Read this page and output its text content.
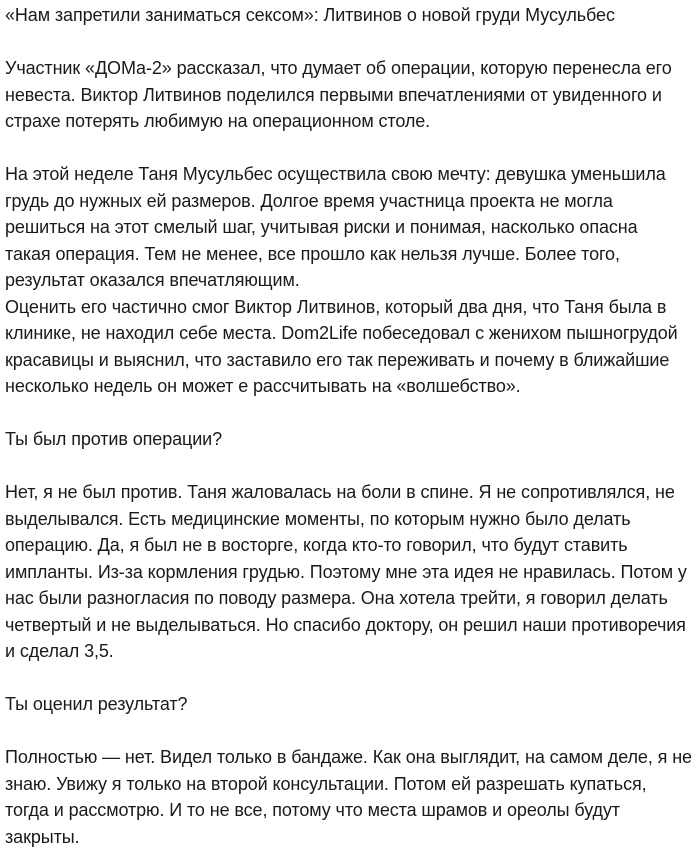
«Нам запретили заниматься сексом»: Литвинов о новой груди Мусульбес

Участник «ДОМа-2» рассказал, что думает об операции, которую перенесла его
невеста. Виктор Литвинов поделился первыми впечатлениями от увиденного и
страхе потерять любимую на операционном столе.

На этой неделе Таня Мусульбес осуществила свою мечту: девушка уменьшила
грудь до нужных ей размеров. Долгое время участница проекта не могла
решиться на этот смелый шаг, учитывая риски и понимая, насколько опасна
такая операция. Тем не менее, все прошло как нельзя лучше. Более того,
результат оказался впечатляющим.
Оценить его частично смог Виктор Литвинов, который два дня, что Таня была в
клинике, не находил себе места. Dom2Life побеседовал с женихом пышногрудой
красавицы и выяснил, что заставило его так переживать и почему в ближайшие
несколько недель он может е рассчитывать на «волшебство».

Ты был против операции?

Нет, я не был против. Таня жаловалась на боли в спине. Я не сопротивлялся, не
выделывался. Есть медицинские моменты, по которым нужно было делать
операцию. Да, я был не в восторге, когда кто-то говорил, что будут ставить
импланты. Из-за кормления грудью. Поэтому мне эта идея не нравилась. Потом у
нас были разногласия по поводу размера. Она хотела трейти, я говорил делать
четвертый и не выделываться. Но спасибо доктору, он решил наши противоречия
и сделал 3,5.

Ты оценил результат?

Полностью — нет. Видел только в бандаже. Как она выглядит, на самом деле, я не
знаю. Увижу я только на второй консультации. Потом ей разрешать купаться,
тогда и рассмотрю. И то не все, потому что места шрамов и ореолы будут
закрыты.
